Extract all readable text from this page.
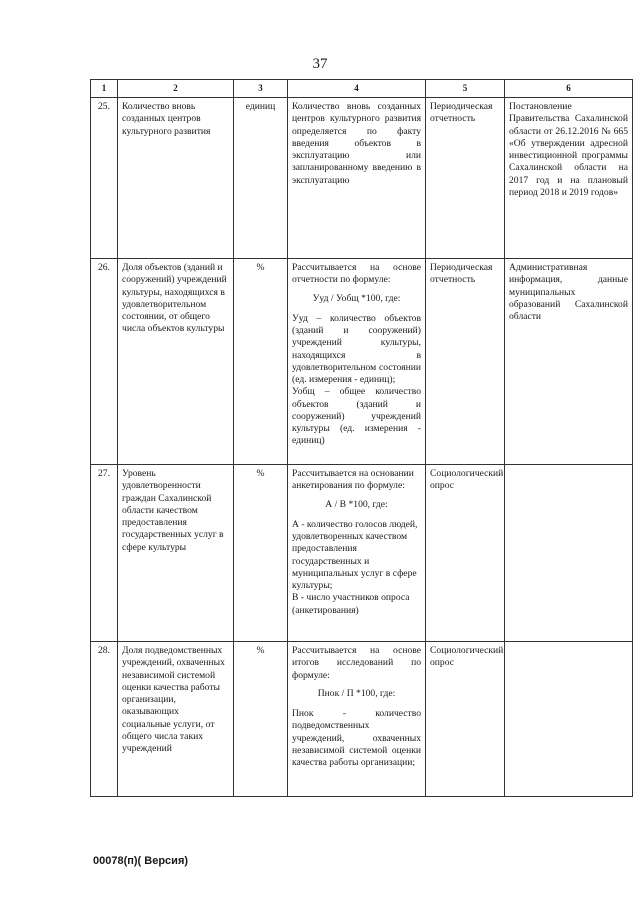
37
1	2	3	4	5	6
25.	Количество вновь созданных центров культурного развития	единиц	Количество вновь созданных центров культурного развития определяется по факту введения объектов в эксплуатацию или запланированному введению в эксплуатацию	Периодическая отчетность	Постановление Правительства Сахалинской области от 26.12.2016 № 665 «Об утверждении адресной инвестиционной программы Сахалинской области на 2017 год и на плановый период 2018 и 2019 годов»
26.	Доля объектов (зданий и сооружений) учреждений культуры, находящихся в удовлетворительном состоянии, от общего числа объектов культуры	%	Рассчитывается на основе отчетности по формуле:

Ууд / Уобщ *100, где:

Ууд – количество объектов (зданий и сооружений) учреждений культуры, находящихся в удовлетворительном состоянии (ед. измерения - единиц);

Уобщ – общее количество объектов (зданий и сооружений) учреждений культуры (ед. измерения - единиц)	Периодическая отчетность	Административная информация, данные муниципальных образований Сахалинской области
27.	Уровень удовлетворенности граждан Сахалинской области качеством предоставления государственных услуг в сфере культуры	%	Рассчитывается на основании анкетирования по формуле:

А / В *100, где:

А - количество голосов людей, удовлетворенных качеством предоставления государственных и муниципальных услуг в сфере культуры;

В - число участников опроса (анкетирования)	Социологический опрос	
28.	Доля подведомственных учреждений, охваченных независимой системой оценки качества работы организации, оказывающих социальные услуги, от общего числа таких учреждений	%	Рассчитывается на основе итогов исследований по формуле:

Пнок / П *100, где:

Пнок - количество подведомственных учреждений, охваченных независимой системой оценки качества работы организации;	Социологический опрос	
00078(п)( Версия)
